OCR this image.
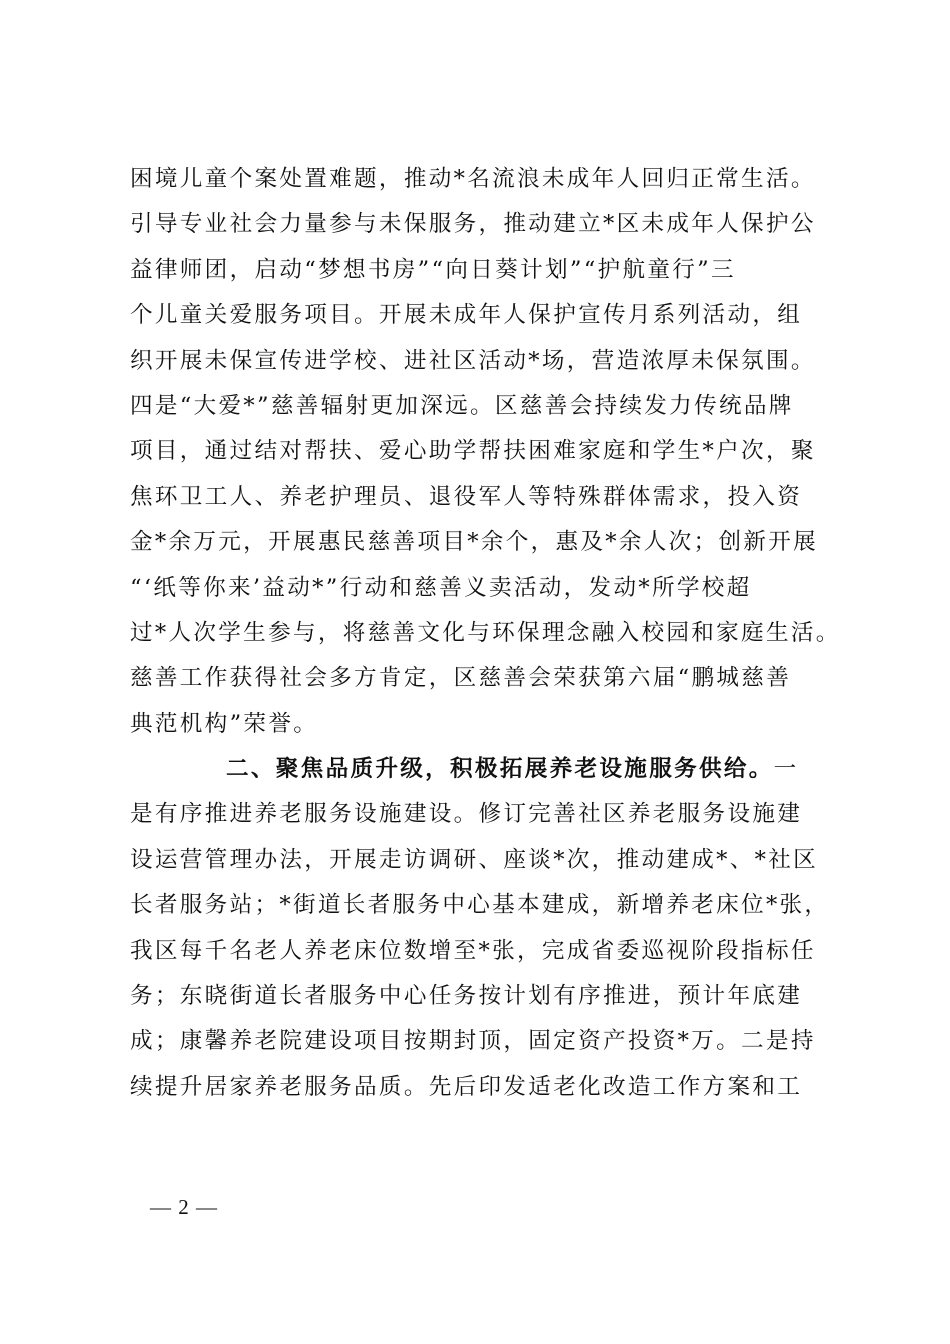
困境儿童个案处置难题，推动*名流浪未成年人回归正常生活。
引导专业社会力量参与未保服务，推动建立*区未成年人保护公
益律师团，启动“梦想书房”“向日葵计划”“护航童行”三
个儿童关爱服务项目。开展未成年人保护宣传月系列活动，组
织开展未保宣传进学校、进社区活动*场，营造浓厚未保氛围。
四是“大爱*”慈善辐射更加深远。区慈善会持续发力传统品牌
项目，通过结对帮扶、爱心助学帮扶困难家庭和学生*户次，聚
焦环卫工人、养老护理员、退役军人等特殊群体需求，投入资
金*余万元，开展惠民慈善项目*余个，惠及*余人次；创新开展
“‘纸等你来’益动*”行动和慈善义卖活动，发动*所学校超
过*人次学生参与，将慈善文化与环保理念融入校园和家庭生活。
慈善工作获得社会多方肯定，区慈善会荣获第六届“鹏城慈善
典范机构”荣誉。
二、聚焦品质升级，积极拓展养老设施服务供给。一
是有序推进养老服务设施建设。修订完善社区养老服务设施建
设运营管理办法，开展走访调研、座谈*次，推动建成*、*社区
长者服务站；*街道长者服务中心基本建成，新增养老床位*张，
我区每千名老人养老床位数增至*张，完成省委巡视阶段指标任
务；东晓街道长者服务中心任务按计划有序推进，预计年底建
成；康馨养老院建设项目按期封顶，固定资产投资*万。二是持
续提升居家养老服务品质。先后印发适老化改造工作方案和工
— 2 —
